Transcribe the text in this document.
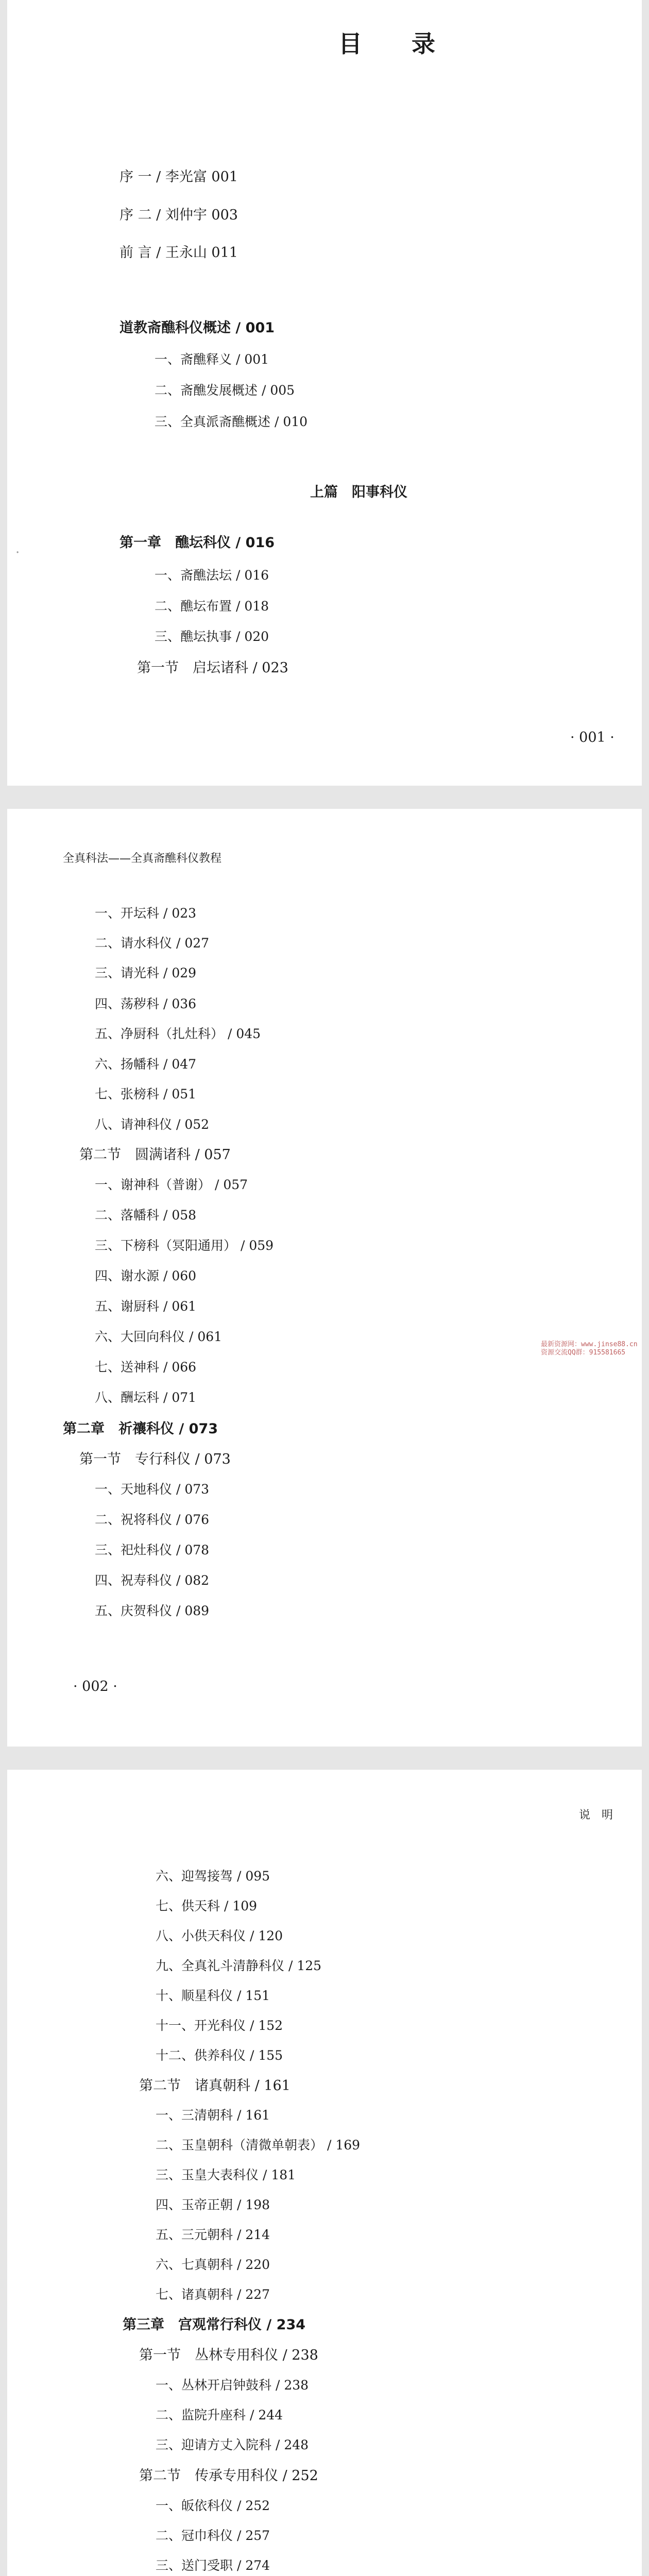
目 录
序 一 / 李光富 001
序 二 / 刘仲宇 003
前 言 / 王永山 011
道教斋醮科仪概述 / 001
一、斋醮释义 / 001
二、斋醮发展概述 / 005
三、全真派斋醮概述 / 010
上篇　阳事科仪
第一章　醮坛科仪 / 016
一、斋醮法坛 / 016
二、醮坛布置 / 018
三、醮坛执事 / 020
第一节　启坛诸科 / 023
·
· 001 ·
全真科法——全真斋醮科仪教程
一、开坛科 / 023
二、请水科仪 / 027
三、请光科 / 029
四、荡秽科 / 036
五、净厨科（扎灶科） / 045
六、扬幡科 / 047
七、张榜科 / 051
八、请神科仪 / 052
第二节　圆满诸科 / 057
一、谢神科（普谢） / 057
二、落幡科 / 058
三、下榜科（冥阳通用） / 059
四、谢水源 / 060
五、谢厨科 / 061
六、大回向科仪 / 061
七、送神科 / 066
八、酬坛科 / 071
第二章　祈禳科仪 / 073
第一节　专行科仪 / 073
一、天地科仪 / 073
二、祝将科仪 / 076
三、祀灶科仪 / 078
四、祝寿科仪 / 082
五、庆贺科仪 / 089
· 002 ·
最新资源网：www.jinse88.cn
资源交流QQ群：915581665
说　明
六、迎驾接驾 / 095
七、供天科 / 109
八、小供天科仪 / 120
九、全真礼斗清静科仪 / 125
十、顺星科仪 / 151
十一、开光科仪 / 152
十二、供养科仪 / 155
第二节　诸真朝科 / 161
一、三清朝科 / 161
二、玉皇朝科（清微单朝表） / 169
三、玉皇大表科仪 / 181
四、玉帝正朝 / 198
五、三元朝科 / 214
六、七真朝科 / 220
七、诸真朝科 / 227
第三章　宫观常行科仪 / 234
第一节　丛林专用科仪 / 238
一、丛林开启钟鼓科 / 238
二、监院升座科 / 244
三、迎请方丈入院科 / 248
第二节　传承专用科仪 / 252
一、皈依科仪 / 252
二、冠巾科仪 / 257
三、送门受职 / 274
